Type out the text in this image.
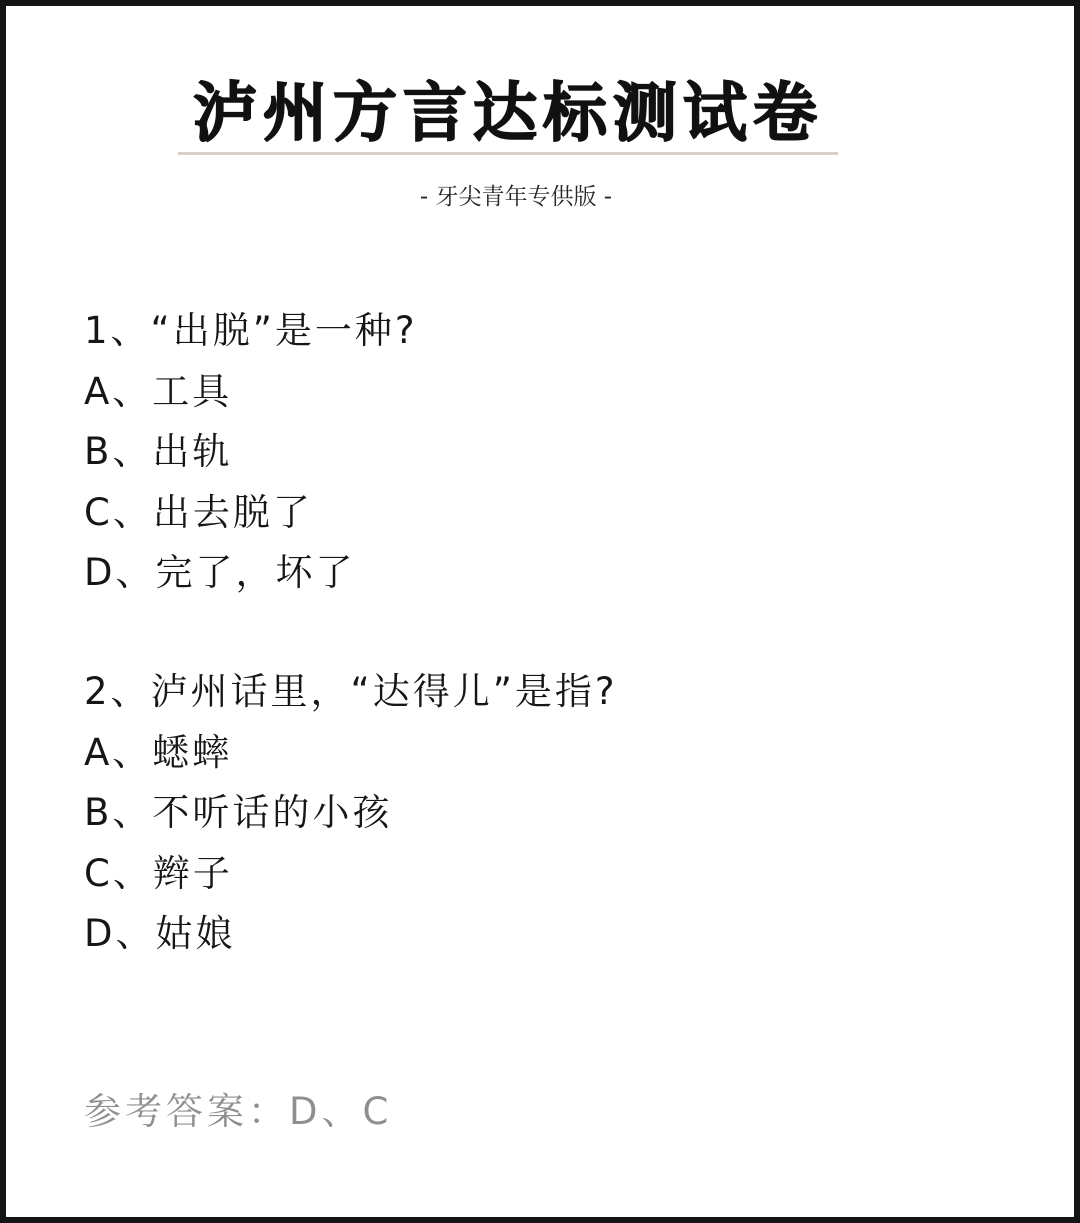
泸州方言达标测试卷
- 牙尖青年专供版 -
1、“出脱”是一种?
A、工具
B、出轨
C、出去脱了
D、完了，坏了
2、泸州话里，“达得儿”是指?
A、蟋蟀
B、不听话的小孩
C、辫子
D、姑娘
参考答案：D、C
